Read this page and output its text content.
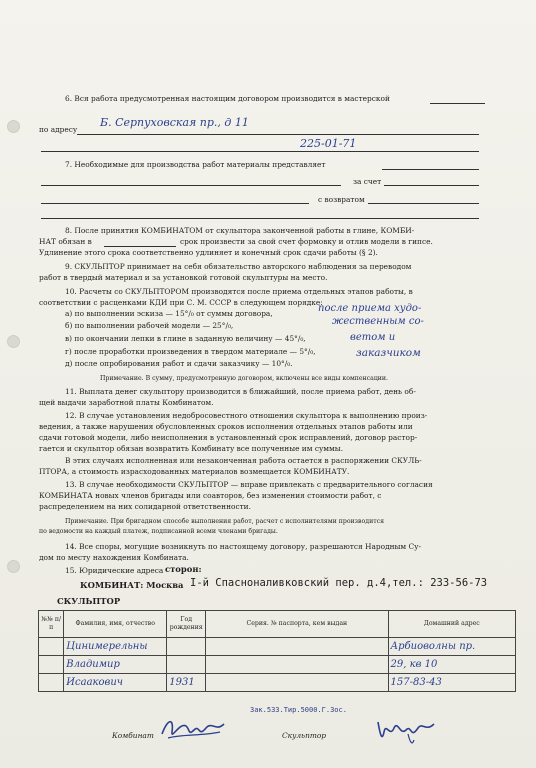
6. Вся работа предусмотренная настоящим договором производится в мастерской
по адресу
Б. Серпуховская пр., д 11
225-01-71
7. Необходимые для производства работ материалы представляет
за счет
с возвратом
8. После принятия КОМБИНАТОМ от скульптора законченной работы в глине, КОМБИ-
НАТ обязан в	срок произвести за свой счет формовку и отлив модели в гипсе.
Удлинение этого срока соответственно удлиняет и конечный срок сдачи работы (§ 2).
9. СКУЛЬПТОР принимает на себя обязательство авторского наблюдения за переводом
работ в твердый материал и за установкой готовой скульптуры на место.
10. Расчеты со СКУЛЬПТОРОМ производятся после приема отдельных этапов работы, в
соответствии с расценками КДИ при С. М. СССР в следующем порядке:
а) по выполнении эскиза — 15°/₀ от суммы договора,	после приема худо-
б) по выполнении рабочей модели — 25°/₀,	жественным со-
в) по окончании лепки в глине в заданную величину — 45°/₀,	ветом и
г) после проработки произведения в твердом материале — 5°/₀,	заказчиком
д) после опробирования работ и сдачи заказчику — 10°/₀.
Примечание. В сумму, предусмотренную договором, включены все виды компенсации.
11. Выплата денег скульптору производится в ближайший, после приема работ, день об-
щей выдачи заработной платы Комбинатом.
12. В случае установления недобросовестного отношения скульптора к выполнению произ-
ведения, а также нарушения обусловленных сроков исполнения отдельных этапов работы или
сдачи готовой модели, либо неисполнения в установленный срок исправлений, договор растор-
гается и скульптор обязан возвратить Комбинату все полученные им суммы.
В этих случаях исполненная или незаконченная работа остается в распоряжении СКУЛЬ-
ПТОРА, а стоимость израсходованных материалов возмещается КОМБИНАТУ.
13. В случае необходимости СКУЛЬПТОР — вправе привлекать с предварительного согласия
КОМБИНАТА новых членов бригады или соавторов, без изменения стоимости работ, с
распределением на них солидарной ответственности.
Примечание. При бригадном способе выполнения работ, расчет с исполнителями производится
по ведомости на каждый платеж, подписанной всеми членами бригады.
14. Все споры, могущие возникнуть по настоящему договору, разрешаются Народным Су-
дом по месту нахождения Комбината.
15. Юридические адреса сторон:
КОМБИНАТ: Москва I-й Спасноналивковский пер. д.4,тел.: 233-56-73
СКУЛЬПТОР
№№ п/п	Фамилия, имя, отчество	Год рождения	Серия. № паспорта, кем выдан	Домашний адрес
	Цинимерельны			Арбиоволны пр.
	Владимир			29, кв 10
	Исаакович	1931		157-83-43
Зак.533.Тир.5000.Г.Зос.
Комбинат	Скульптор
